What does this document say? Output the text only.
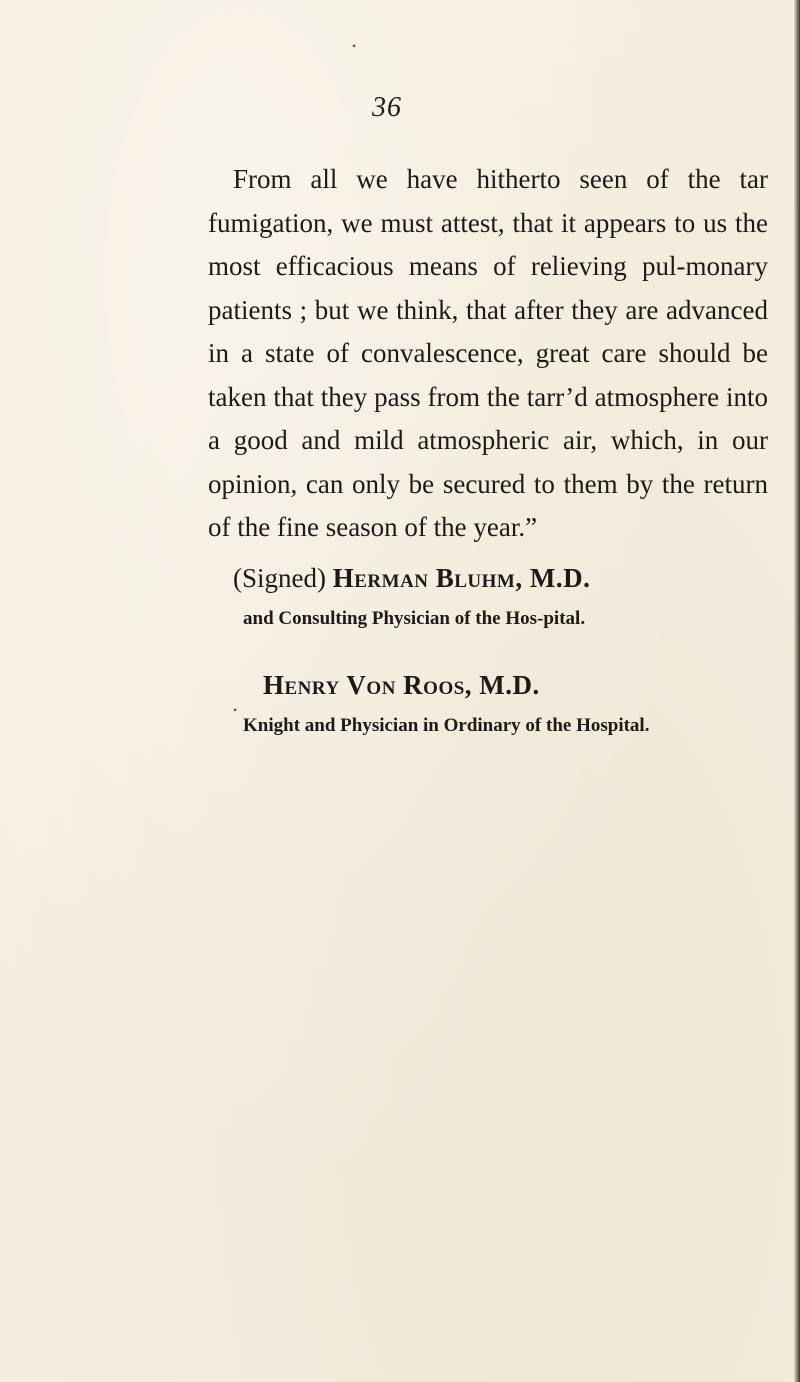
•
•
36

From all we have hitherto seen of the tar fumigation, we must attest, that it appears to us the most efficacious means of relieving pul-monary patients ; but we think, that after they are advanced in a state of convalescence, great care should be taken that they pass from the tarr’d atmosphere into a good and mild atmospheric air, which, in our opinion, can only be secured to them by the return of the fine season of the year.”

(Signed) Herman Bluhm, M.D.

and Consulting Physician of the Hos-pital.

Henry Von Roos, M.D.

Knight and Physician in Ordinary of the Hospital.
